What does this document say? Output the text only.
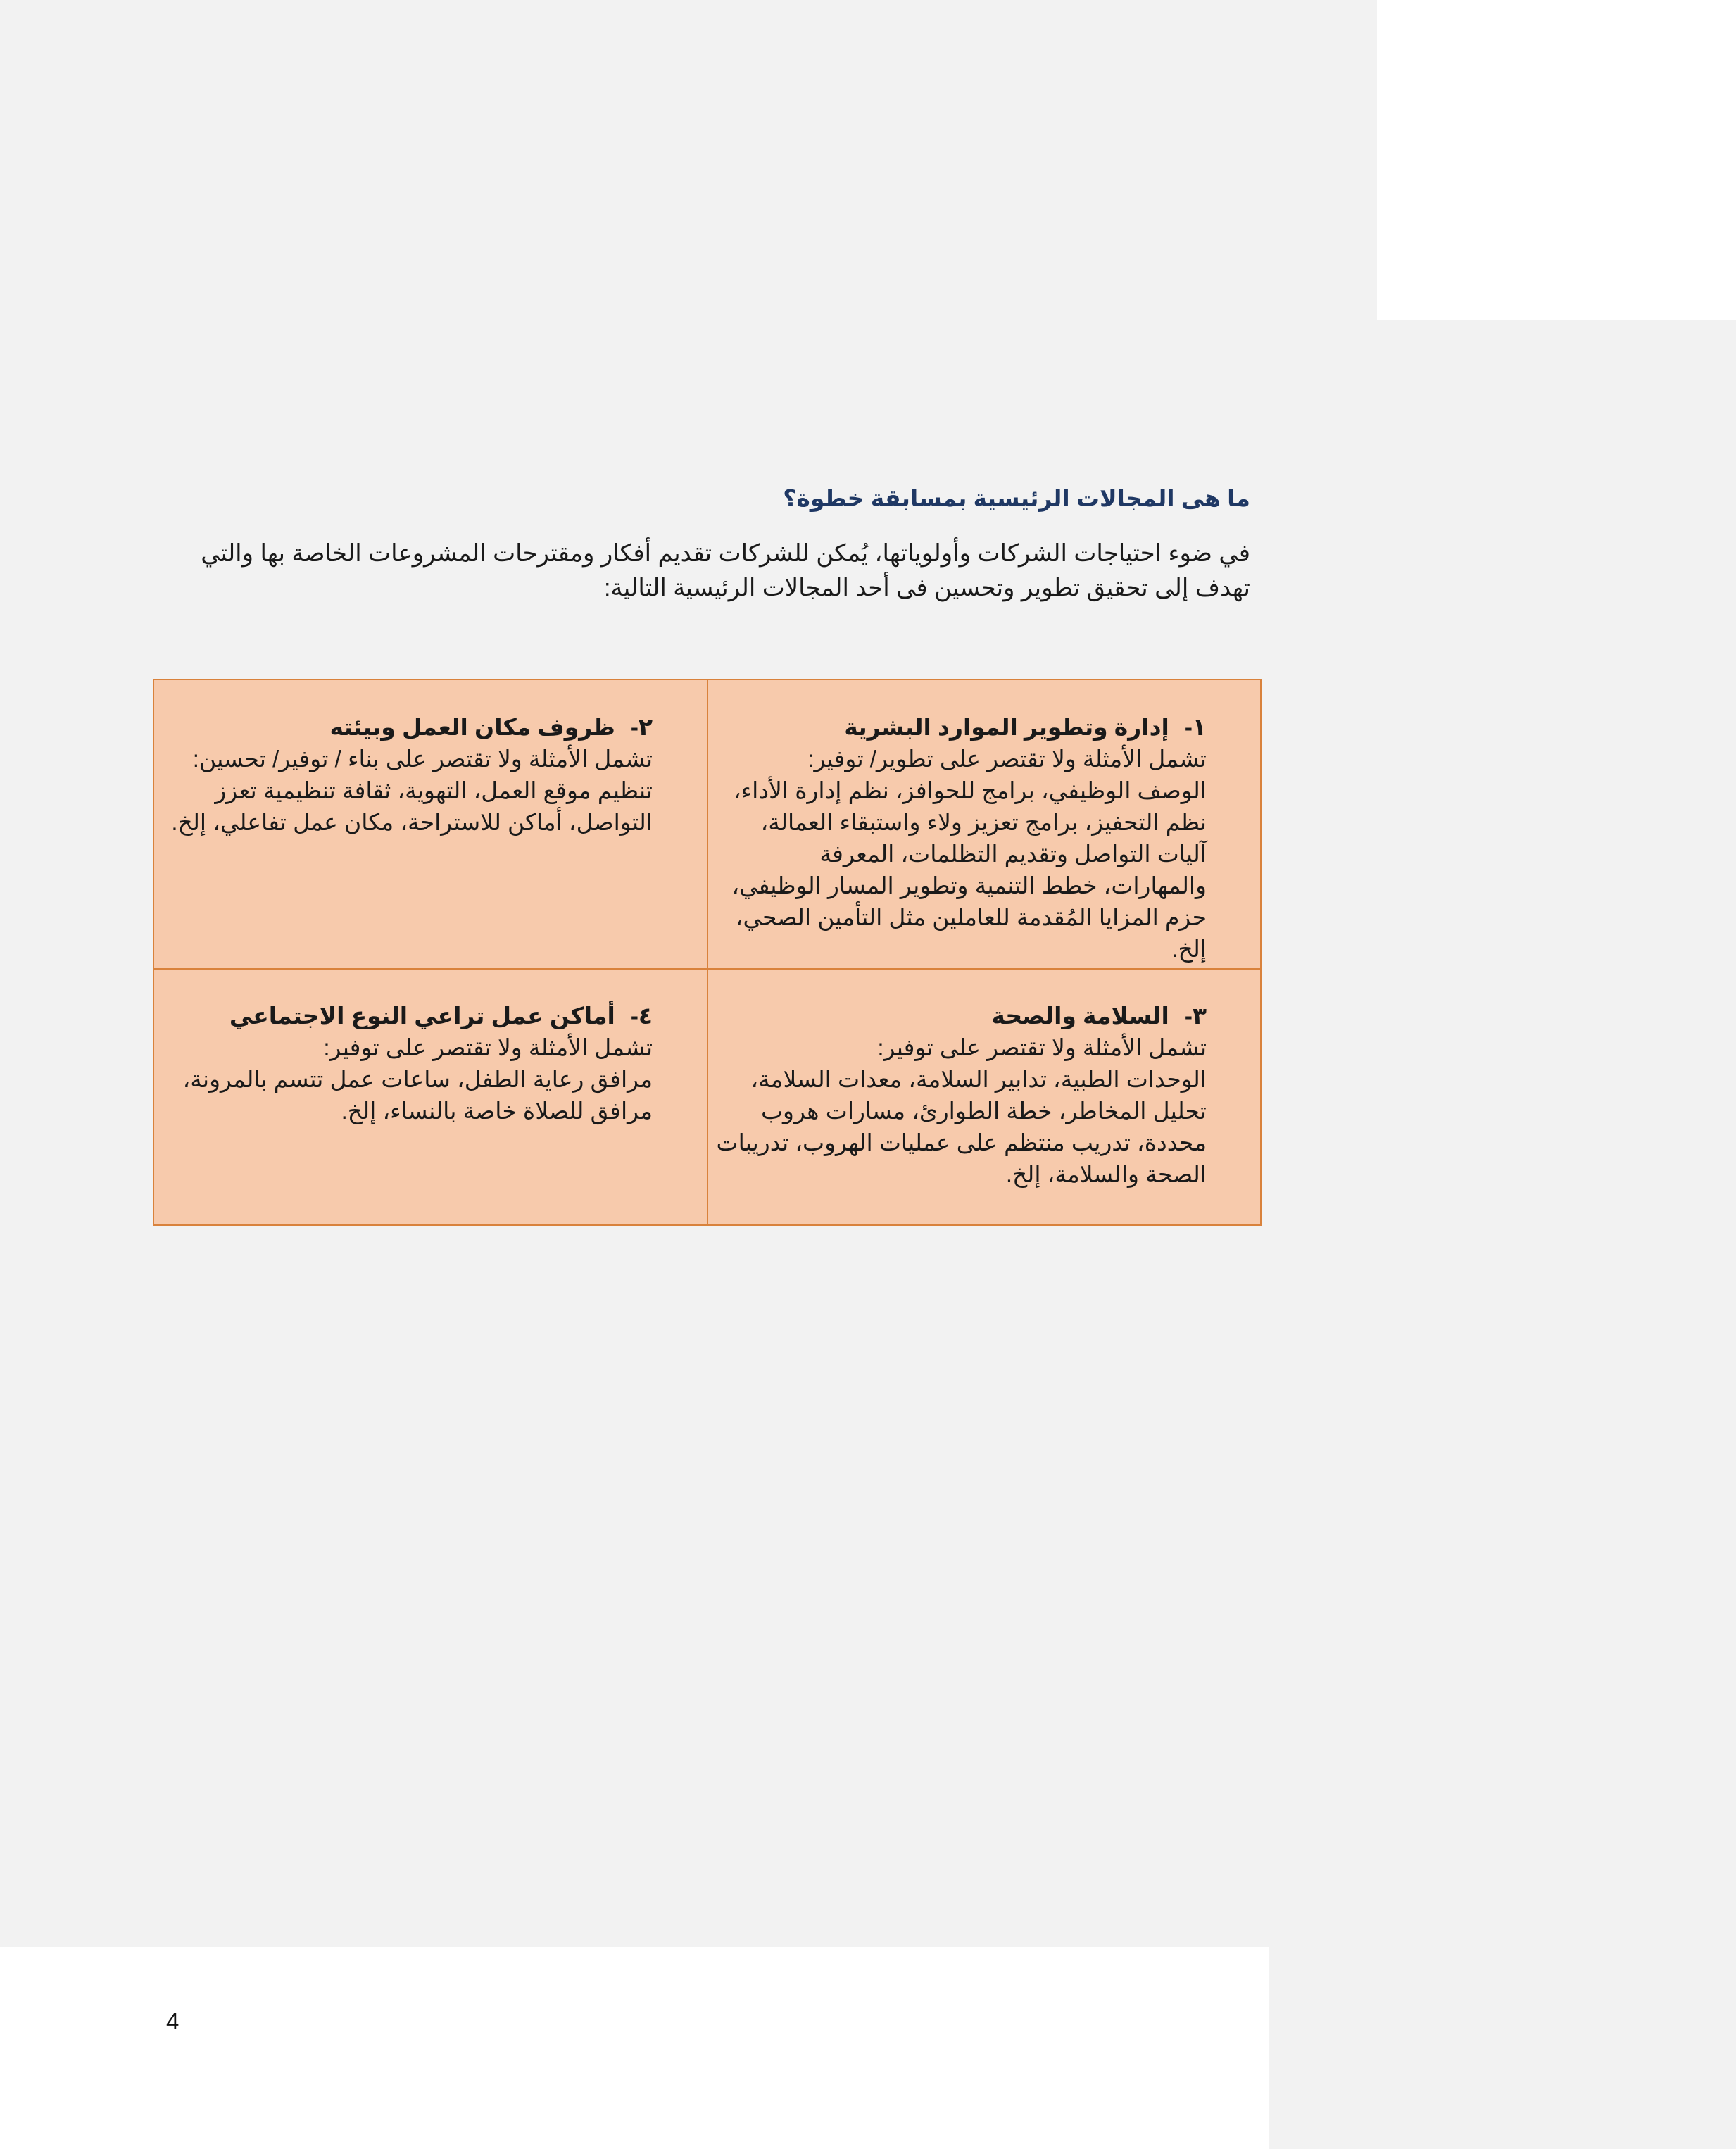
ما هى المجالات الرئيسية بمسابقة خطوة؟
في ضوء احتياجات الشركات وأولوياتها، يُمكن للشركات تقديم أفكار ومقترحات المشروعات الخاصة بها والتي تهدف إلى تحقيق تطوير وتحسين فى أحد المجالات الرئيسية التالية:
١-إدارة وتطوير الموارد البشرية
تشمل الأمثلة ولا تقتصر على تطوير/ توفير:
الوصف الوظيفي، برامج للحوافز، نظم إدارة الأداء، نظم التحفيز، برامج تعزيز ولاء واستبقاء العمالة، آليات التواصل وتقديم التظلمات، المعرفة والمهارات، خطط التنمية وتطوير المسار الوظيفي، حزم المزايا المُقدمة للعاملين مثل التأمين الصحي، إلخ.
٢-ظروف مكان العمل وبيئته
تشمل الأمثلة ولا تقتصر على بناء / توفير/ تحسين:
تنظيم موقع العمل، التهوية، ثقافة تنظيمية تعزز التواصل، أماكن للاستراحة، مكان عمل تفاعلي، إلخ.
٣-السلامة والصحة
تشمل الأمثلة ولا تقتصر على توفير:
الوحدات الطبية، تدابير السلامة، معدات السلامة، تحليل المخاطر، خطة الطوارئ، مسارات هروب محددة، تدريب منتظم على عمليات الهروب، تدريبات الصحة والسلامة، إلخ.
٤-أماكن عمل تراعي النوع الاجتماعي
تشمل الأمثلة ولا تقتصر على توفير:
مرافق رعاية الطفل، ساعات عمل تتسم بالمرونة، مرافق للصلاة خاصة بالنساء، إلخ.
4
